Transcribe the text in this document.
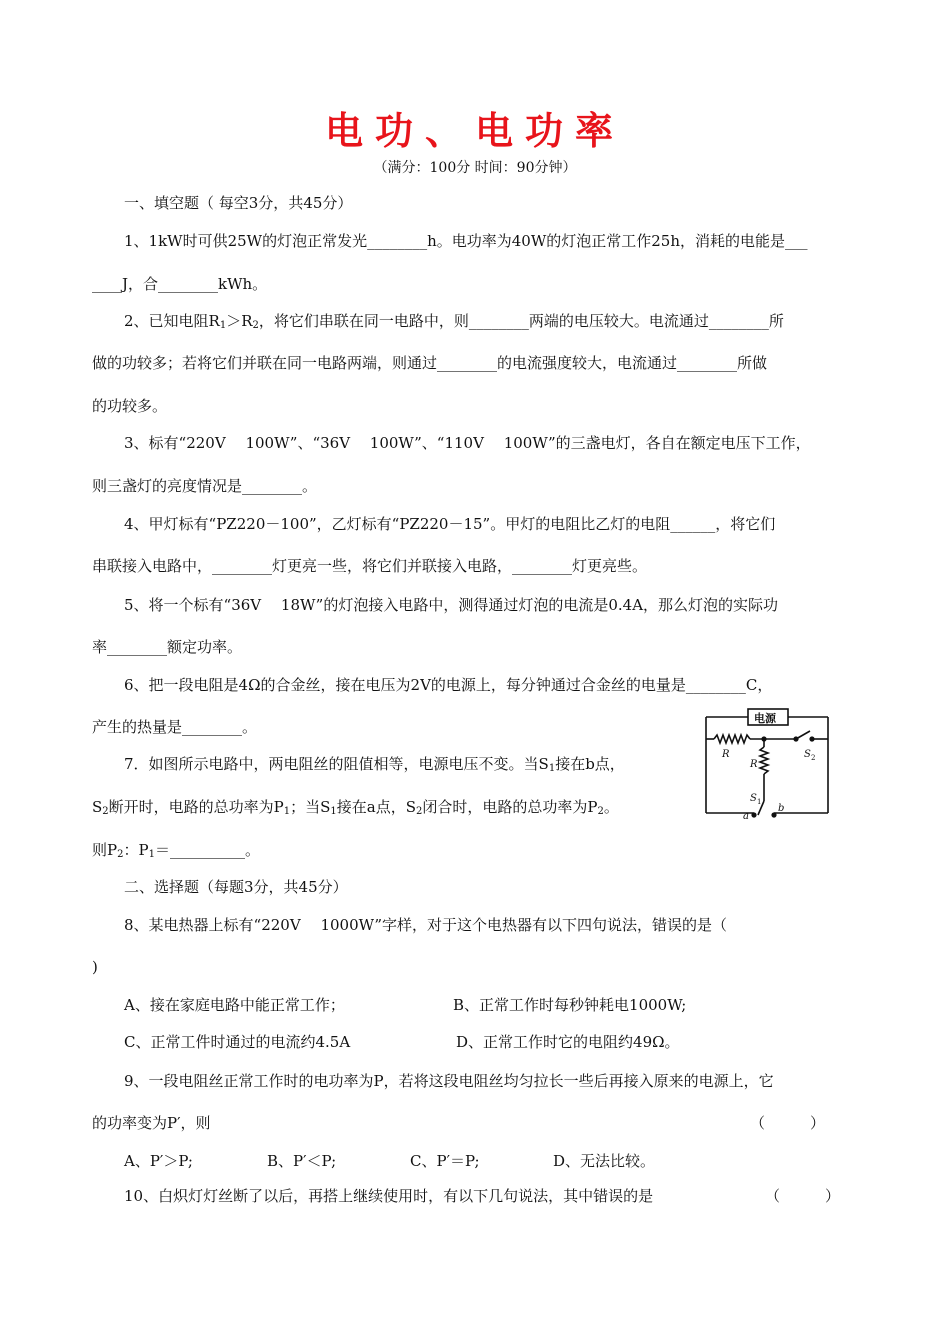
电功、电功率
（满分：100分 时间：90分钟）
一、填空题（ 每空3分，共45分）
1、1kW时可供25W的灯泡正常发光________h。电功率为40W的灯泡正常工作25h，消耗的电能是___
____J，合________kWh。
2、已知电阻$R_1>R_2$，将它们串联在同一电路中，则________两端的电压较大。电流通过________所
做的功较多；若将它们并联在同一电路两端，则通过________的电流强度较大，电流通过________所做
的功较多。
3、标有“220V　 100W”、“36V　 100W”、“110V　 100W”的三盏电灯，各自在额定电压下工作，
则三盏灯的亮度情况是________。
4、甲灯标有“PZ220－100”，乙灯标有“PZ220－15”。甲灯的电阻比乙灯的电阻______，将它们
串联接入电路中，________灯更亮一些，将它们并联接入电路，________灯更亮些。
5、将一个标有“36V　 18W”的灯泡接入电路中，测得通过灯泡的电流是0.4A，那么灯泡的实际功
率________额定功率。
6、把一段电阻是4Ω的合金丝，接在电压为2V的电源上，每分钟通过合金丝的电量是________C，
产生的热量是________。
7．如图所示电路中，两电阻丝的阻值相等，电源电压不变。当$S_1$接在b点，
$S_2$断开时，电路的总功率为$P_1$；当$S_1$接在a点，$S_2$闭合时，电路的总功率为$P_2$。
则$P_2$：$P_1=\_\_\_\_\_\_\_\_\_\_$。
电源
R
R
S 2
S 1
a
b
二、选择题（每题3分，共45分）
8、某电热器上标有“220V　 1000W”字样，对于这个电热器有以下四句说法，错误的是（
)
A、接在家庭电路中能正常工作；	B、正常工作时每秒钟耗电1000W;
C、正常工件时通过的电流约4.5A	D、正常工作时它的电阻约49Ω。
9、一段电阻丝正常工作时的电功率为P，若将这段电阻丝均匀拉长一些后再接入原来的电源上，它
的功率变为P′，则	（　　　）
A、P′＞P;	B、P′＜P;	C、P′＝P;	D、无法比较。
10、白炽灯灯丝断了以后，再搭上继续使用时，有以下几句说法，其中错误的是	（　　　）
